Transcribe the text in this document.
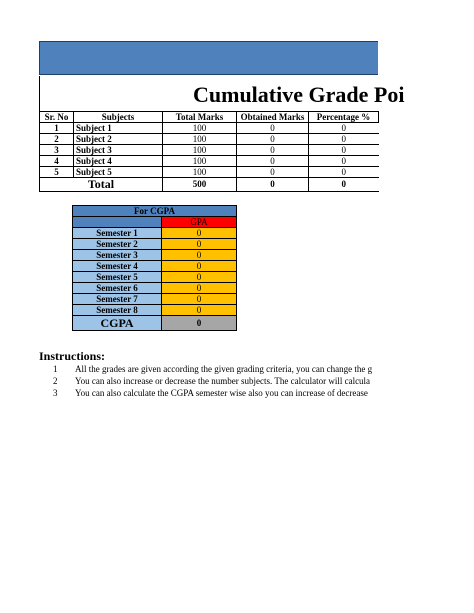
Cumulative Grade Poi
Sr. No	Subjects	Total Marks	Obtained Marks	Percentage %
1	Subject 1	100	0	0
2	Subject 2	100	0	0
3	Subject 3	100	0	0
4	Subject 4	100	0	0
5	Subject 5	100	0	0
Total		500	0	0
For CGPA	
	GPA
Semester 1	0
Semester 2	0
Semester 3	0
Semester 4	0
Semester 5	0
Semester 6	0
Semester 7	0
Semester 8	0
CGPA	0
Instructions:
1 All the grades are given according the given grading criteria, you can change the g
2 You can also increase or decrease the number subjects. The calculator will calcula
3 You can also calculate the CGPA semester wise also you can increase of decrease
